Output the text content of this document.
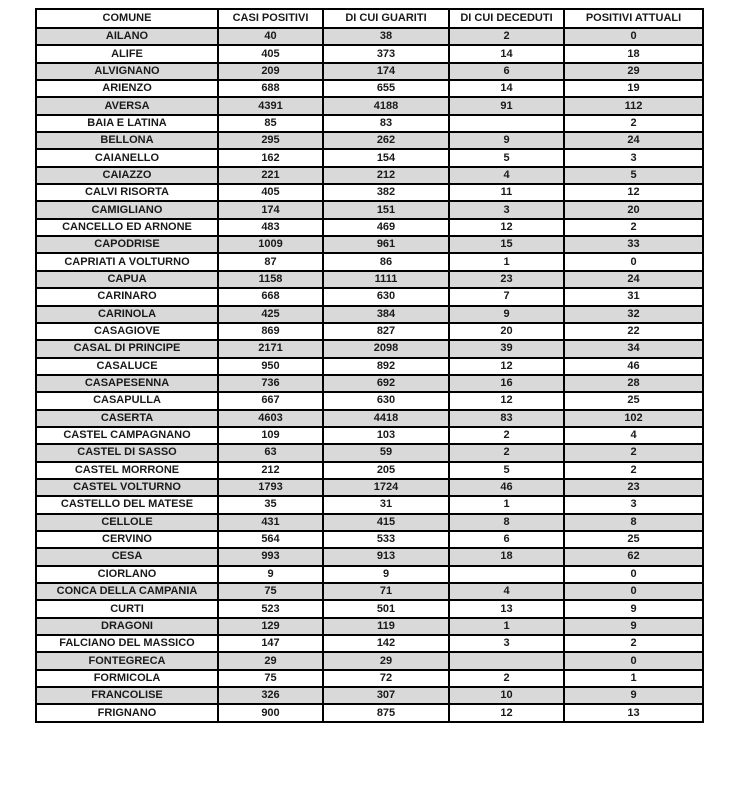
COMUNE	CASI POSITIVI	DI CUI GUARITI	DI CUI DECEDUTI	POSITIVI ATTUALI
AILANO	40	38	2	0
ALIFE	405	373	14	18
ALVIGNANO	209	174	6	29
ARIENZO	688	655	14	19
AVERSA	4391	4188	91	112
BAIA E LATINA	85	83		2
BELLONA	295	262	9	24
CAIANELLO	162	154	5	3
CAIAZZO	221	212	4	5
CALVI RISORTA	405	382	11	12
CAMIGLIANO	174	151	3	20
CANCELLO ED ARNONE	483	469	12	2
CAPODRISE	1009	961	15	33
CAPRIATI A VOLTURNO	87	86	1	0
CAPUA	1158	1111	23	24
CARINARO	668	630	7	31
CARINOLA	425	384	9	32
CASAGIOVE	869	827	20	22
CASAL DI PRINCIPE	2171	2098	39	34
CASALUCE	950	892	12	46
CASAPESENNA	736	692	16	28
CASAPULLA	667	630	12	25
CASERTA	4603	4418	83	102
CASTEL CAMPAGNANO	109	103	2	4
CASTEL DI SASSO	63	59	2	2
CASTEL MORRONE	212	205	5	2
CASTEL VOLTURNO	1793	1724	46	23
CASTELLO DEL MATESE	35	31	1	3
CELLOLE	431	415	8	8
CERVINO	564	533	6	25
CESA	993	913	18	62
CIORLANO	9	9		0
CONCA DELLA CAMPANIA	75	71	4	0
CURTI	523	501	13	9
DRAGONI	129	119	1	9
FALCIANO DEL MASSICO	147	142	3	2
FONTEGRECA	29	29		0
FORMICOLA	75	72	2	1
FRANCOLISE	326	307	10	9
FRIGNANO	900	875	12	13
